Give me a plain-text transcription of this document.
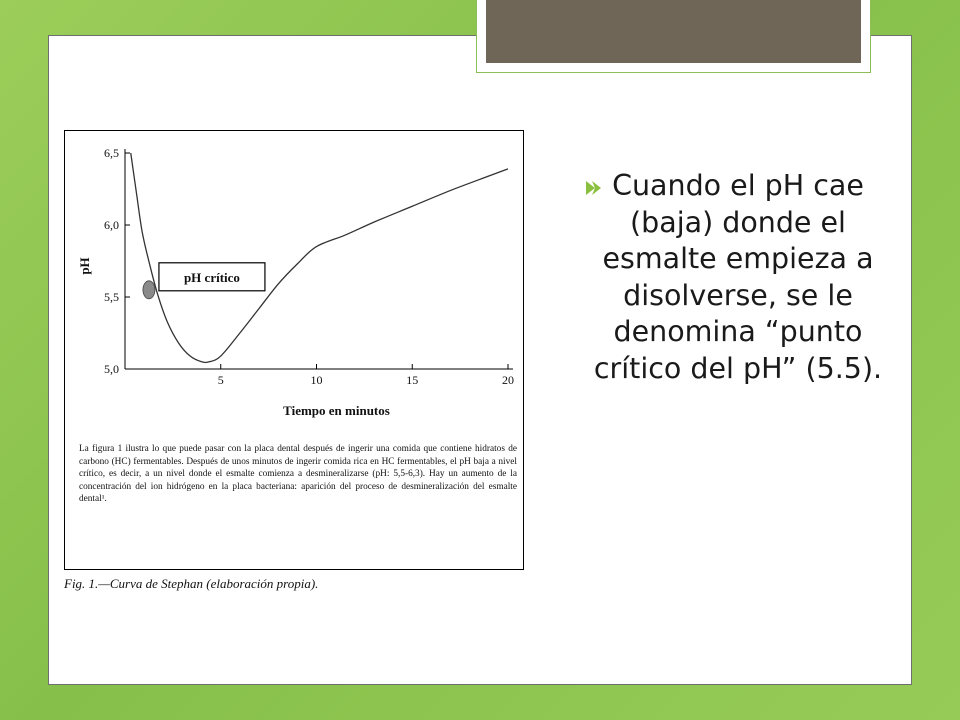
5,0
5,5
6,0
6,5
5	10	15	20
Tiempo en minutos
pH
pH crítico
La figura 1 ilustra lo que puede pasar con la placa dental después de ingerir una comida que contiene hidratos de carbono (HC) fermentables. Después de unos minutos de ingerir comida rica en HC fermentables, el pH baja a nivel crítico, es decir, a un nivel donde el esmalte comienza a desmineralizarse (pH: 5,5-6,3). Hay un aumento de la concentración del ion hidrógeno en la placa bacteriana: aparición del proceso de desmineralización del esmalte dental¹.
Fig. 1.—Curva de Stephan (elaboración propia).
Cuando el pH cae (baja) donde el esmalte empieza a disolverse, se le denomina “punto crítico del pH” (5.5).
